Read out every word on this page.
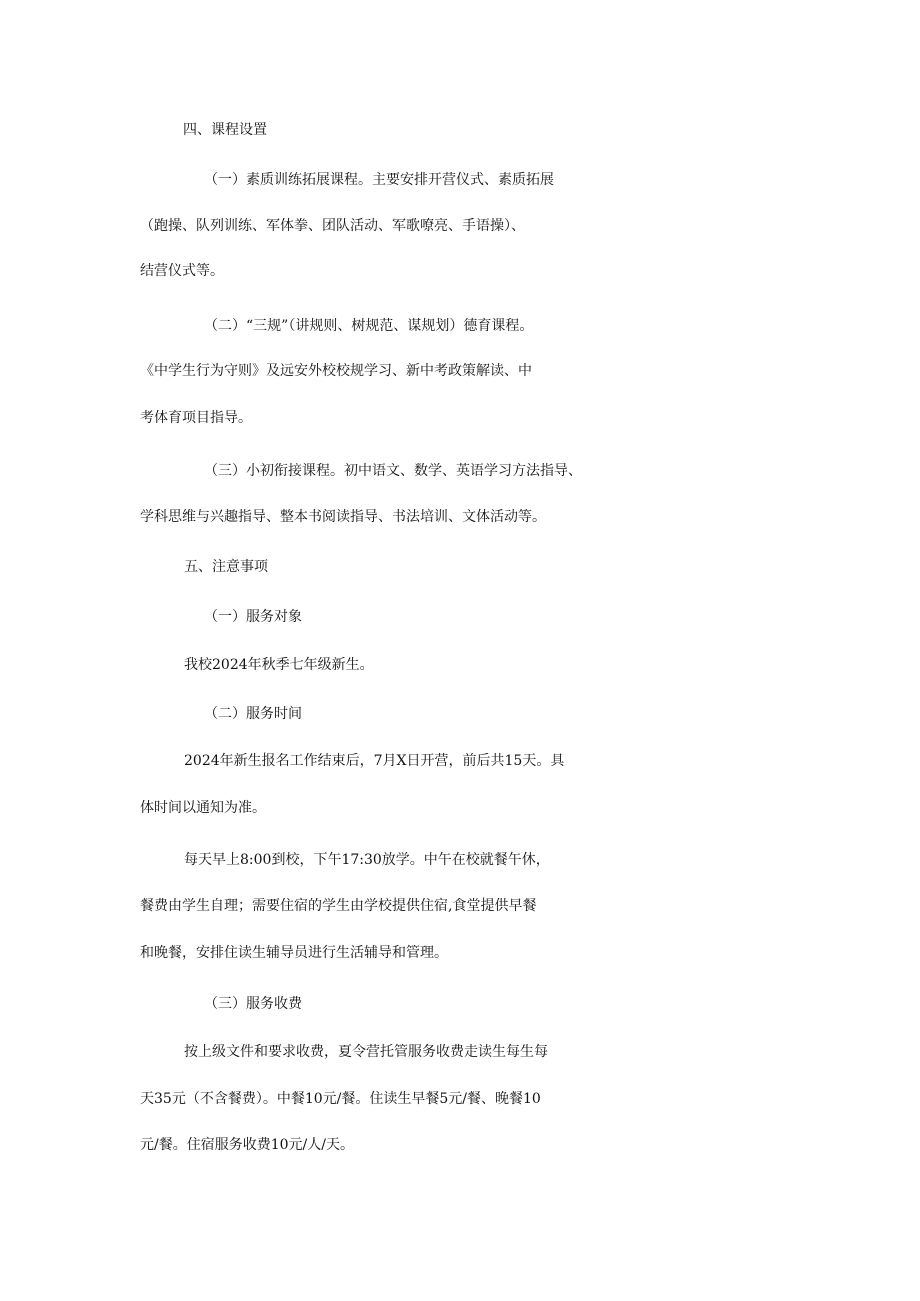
四、课程设置
（一）素质训练拓展课程。主要安排开营仪式、素质拓展
（跑操、队列训练、军体拳、团队活动、军歌嘹亮、手语操）、
结营仪式等。
（二）“三规”（讲规则、树规范、谋规划）德育课程。
《中学生行为守则》及远安外校校规学习、新中考政策解读、中
考体育项目指导。
（三）小初衔接课程。初中语文、数学、英语学习方法指导、
学科思维与兴趣指导、整本书阅读指导、书法培训、文体活动等。
五、注意事项
（一）服务对象
我校2024年秋季七年级新生。
（二）服务时间
2024年新生报名工作结束后，7月X日开营，前后共15天。具
体时间以通知为准。
每天早上8:00到校，下午17:30放学。中午在校就餐午休，
餐费由学生自理；需要住宿的学生由学校提供住宿,食堂提供早餐
和晚餐，安排住读生辅导员进行生活辅导和管理。
（三）服务收费
按上级文件和要求收费，夏令营托管服务收费走读生每生每
天35元（不含餐费）。中餐10元/餐。住读生早餐5元/餐、晚餐10
元/餐。住宿服务收费10元/人/天。
